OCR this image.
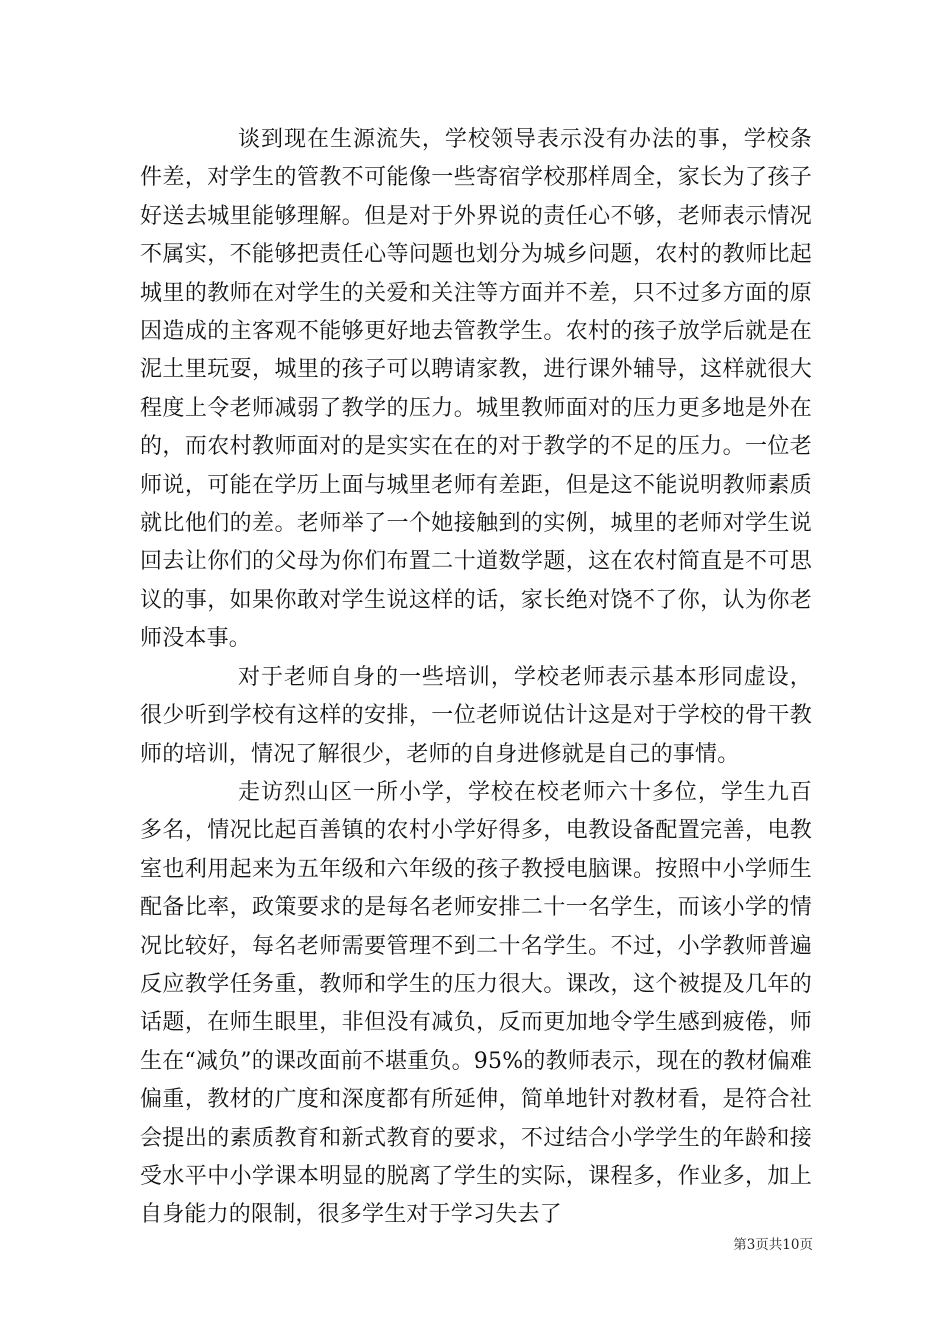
谈到现在生源流失，学校领导表示没有办法的事，学校条件差，对学生的管教不可能像一些寄宿学校那样周全，家长为了孩子好送去城里能够理解。但是对于外界说的责任心不够，老师表示情况不属实，不能够把责任心等问题也划分为城乡问题，农村的教师比起城里的教师在对学生的关爱和关注等方面并不差，只不过多方面的原因造成的主客观不能够更好地去管教学生。农村的孩子放学后就是在泥土里玩耍，城里的孩子可以聘请家教，进行课外辅导，这样就很大程度上令老师减弱了教学的压力。城里教师面对的压力更多地是外在的，而农村教师面对的是实实在在的对于教学的不足的压力。一位老师说，可能在学历上面与城里老师有差距，但是这不能说明教师素质就比他们的差。老师举了一个她接触到的实例，城里的老师对学生说回去让你们的父母为你们布置二十道数学题，这在农村简直是不可思议的事，如果你敢对学生说这样的话，家长绝对饶不了你，认为你老师没本事。

对于老师自身的一些培训，学校老师表示基本形同虚设，很少听到学校有这样的安排，一位老师说估计这是对于学校的骨干教师的培训，情况了解很少，老师的自身进修就是自己的事情。

走访烈山区一所小学，学校在校老师六十多位，学生九百多名，情况比起百善镇的农村小学好得多，电教设备配置完善，电教室也利用起来为五年级和六年级的孩子教授电脑课。按照中小学师生配备比率，政策要求的是每名老师安排二十一名学生，而该小学的情况比较好，每名老师需要管理不到二十名学生。不过，小学教师普遍反应教学任务重，教师和学生的压力很大。课改，这个被提及几年的话题，在师生眼里，非但没有减负，反而更加地令学生感到疲倦，师生在“减负”的课改面前不堪重负。95%的教师表示，现在的教材偏难偏重，教材的广度和深度都有所延伸，简单地针对教材看，是符合社会提出的素质教育和新式教育的要求，不过结合小学学生的年龄和接受水平中小学课本明显的脱离了学生的实际，课程多，作业多，加上自身能力的限制，很多学生对于学习失去了

第3页共10页
